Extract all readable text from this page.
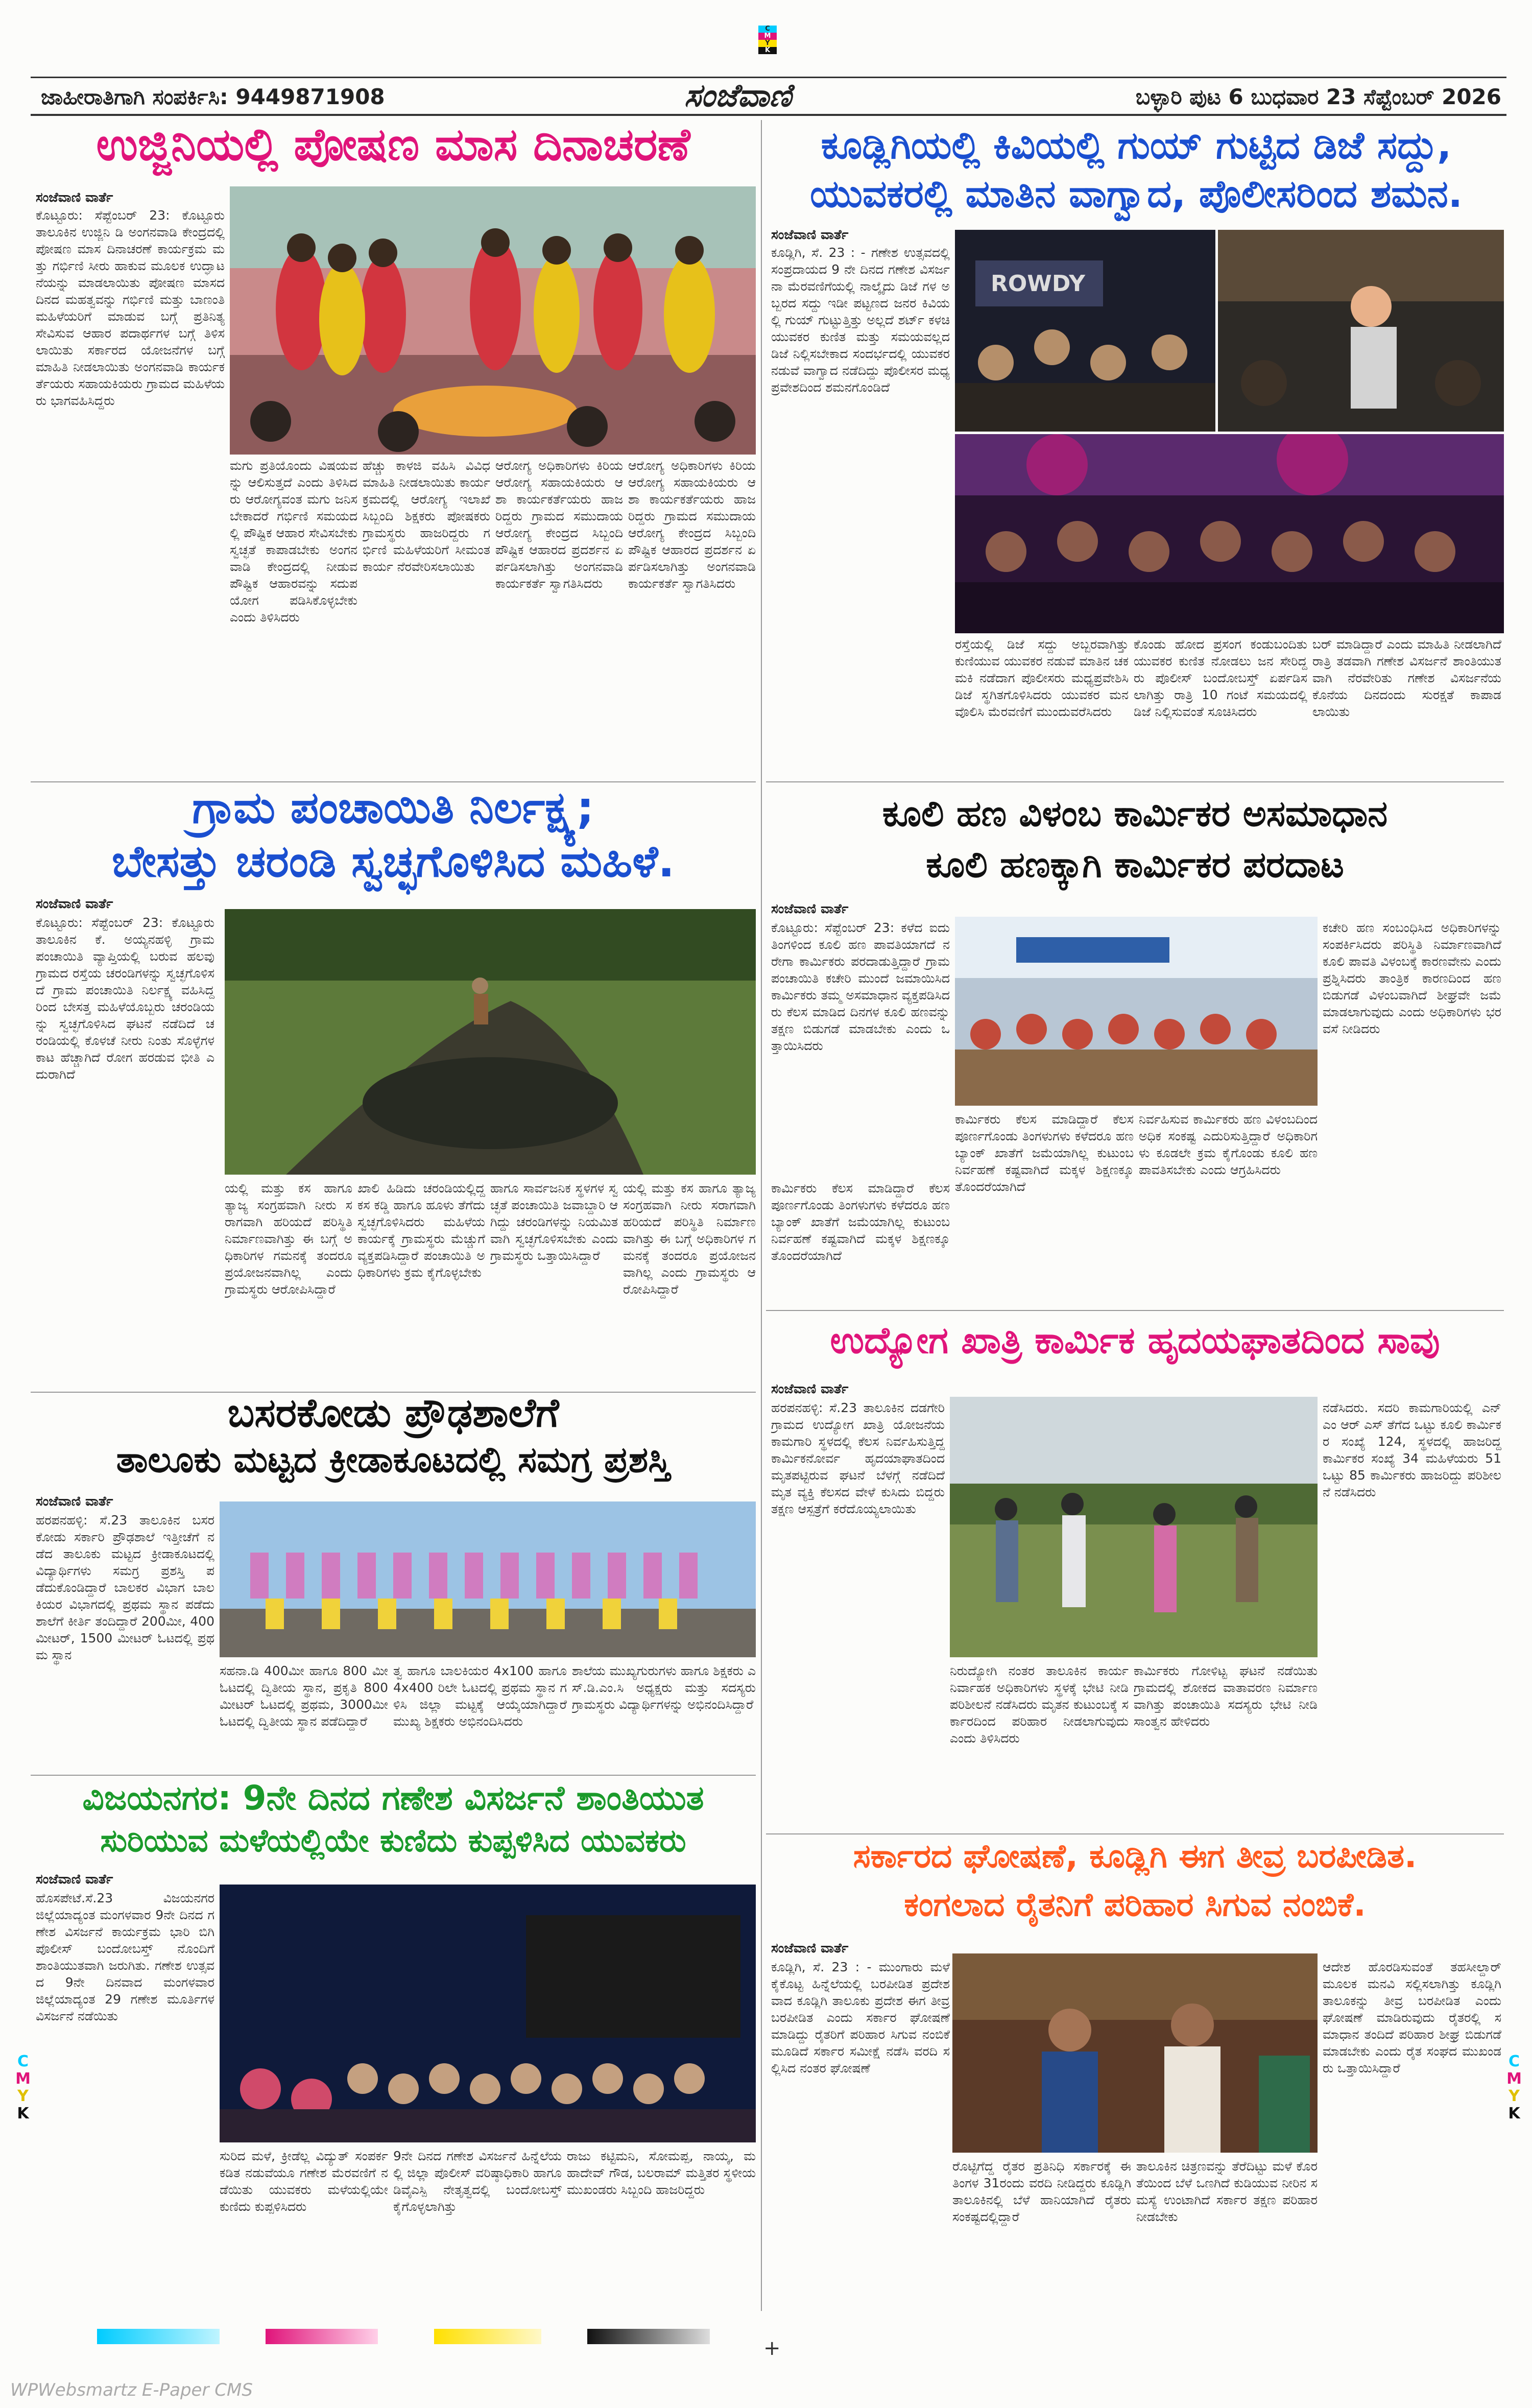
C
M
Y
K
ಜಾಹೀರಾತಿಗಾಗಿ ಸಂಪರ್ಕಿಸಿ: 9449871908	ಸಂಜೆವಾಣಿ	ಬಳ್ಳಾರಿ ಪುಟ 6 ಬುಧವಾರ 23 ಸೆಪ್ಟೆಂಬರ್ 2026
ಉಜ್ಜಿನಿಯಲ್ಲಿ ಪೋಷಣ ಮಾಸ ದಿನಾಚರಣೆ
ಸಂಜೆವಾಣಿ ವಾರ್ತೆ
ಕೊಟ್ಟೂರು: ಸೆಪ್ಟೆಂಬರ್ 23: ಕೊಟ್ಟೂರು ತಾಲೂಕಿನ ಉಜ್ಜಿನಿ ಡಿ ಅಂಗನವಾಡಿ ಕೇಂದ್ರದಲ್ಲಿ ಪೋಷಣ ಮಾಸ ದಿನಾಚರಣೆ ಕಾರ್ಯಕ್ರಮ ಮತ್ತು ಗರ್ಭಿಣಿ ಸೀರು ಹಾಕುವ ಮೂಲಕ ಉದ್ಘಾಟನೆಯನ್ನು ಮಾಡಲಾಯಿತು ಪೋಷಣ ಮಾಸದ ದಿನದ ಮಹತ್ವವನ್ನು ಗರ್ಭಿಣಿ ಮತ್ತು ಬಾಣಂತಿ ಮಹಿಳೆಯರಿಗೆ ಮಾಡುವ ಬಗ್ಗೆ ಪ್ರತಿನಿತ್ಯ ಸೇವಿಸುವ ಆಹಾರ ಪದಾರ್ಥಗಳ ಬಗ್ಗೆ ತಿಳಿಸಲಾಯಿತು ಸರ್ಕಾರದ ಯೋಜನೆಗಳ ಬಗ್ಗೆ ಮಾಹಿತಿ ನೀಡಲಾಯಿತು ಅಂಗನವಾಡಿ ಕಾರ್ಯಕರ್ತೆಯರು ಸಹಾಯಕಿಯರು ಗ್ರಾಮದ ಮಹಿಳೆಯರು ಭಾಗವಹಿಸಿದ್ದರು
ಮಗು ಪ್ರತಿಯೊಂದು ವಿಷಯವನ್ನು ಆಲಿಸುತ್ತದೆ ಎಂದು ತಿಳಿಸಿದರು ಆರೋಗ್ಯವಂತ ಮಗು ಜನಿಸಬೇಕಾದರೆ ಗರ್ಭಿಣಿ ಸಮಯದಲ್ಲಿ ಪೌಷ್ಟಿಕ ಆಹಾರ ಸೇವಿಸಬೇಕು ಸ್ವಚ್ಛತೆ ಕಾಪಾಡಬೇಕು ಅಂಗನವಾಡಿ ಕೇಂದ್ರದಲ್ಲಿ ನೀಡುವ ಪೌಷ್ಟಿಕ ಆಹಾರವನ್ನು ಸದುಪಯೋಗ ಪಡಿಸಿಕೊಳ್ಳಬೇಕು ಎಂದು ತಿಳಿಸಿದರು
ಹೆಚ್ಚು ಕಾಳಜಿ ವಹಿಸಿ ವಿವಿಧ ಮಾಹಿತಿ ನೀಡಲಾಯಿತು ಕಾರ್ಯಕ್ರಮದಲ್ಲಿ ಆರೋಗ್ಯ ಇಲಾಖೆ ಸಿಬ್ಬಂದಿ ಶಿಕ್ಷಕರು ಪೋಷಕರು ಗ್ರಾಮಸ್ಥರು ಹಾಜರಿದ್ದರು ಗರ್ಭಿಣಿ ಮಹಿಳೆಯರಿಗೆ ಸೀಮಂತ ಕಾರ್ಯ ನೆರವೇರಿಸಲಾಯಿತು
ಆರೋಗ್ಯ ಅಧಿಕಾರಿಗಳು ಕಿರಿಯ ಆರೋಗ್ಯ ಸಹಾಯಕಿಯರು ಆಶಾ ಕಾರ್ಯಕರ್ತೆಯರು ಹಾಜರಿದ್ದರು ಗ್ರಾಮದ ಸಮುದಾಯ ಆರೋಗ್ಯ ಕೇಂದ್ರದ ಸಿಬ್ಬಂದಿ ಪೌಷ್ಟಿಕ ಆಹಾರದ ಪ್ರದರ್ಶನ ಏರ್ಪಡಿಸಲಾಗಿತ್ತು ಅಂಗನವಾಡಿ ಕಾರ್ಯಕರ್ತೆ ಸ್ವಾಗತಿಸಿದರು
ಆರೋಗ್ಯ ಅಧಿಕಾರಿಗಳು ಕಿರಿಯ ಆರೋಗ್ಯ ಸಹಾಯಕಿಯರು ಆಶಾ ಕಾರ್ಯಕರ್ತೆಯರು ಹಾಜರಿದ್ದರು ಗ್ರಾಮದ ಸಮುದಾಯ ಆರೋಗ್ಯ ಕೇಂದ್ರದ ಸಿಬ್ಬಂದಿ ಪೌಷ್ಟಿಕ ಆಹಾರದ ಪ್ರದರ್ಶನ ಏರ್ಪಡಿಸಲಾಗಿತ್ತು ಅಂಗನವಾಡಿ ಕಾರ್ಯಕರ್ತೆ ಸ್ವಾಗತಿಸಿದರು
ಕೂಡ್ಲಿಗಿಯಲ್ಲಿ ಕಿವಿಯಲ್ಲಿ ಗುಯ್ ಗುಟ್ಟಿದ ಡಿಜೆ ಸದ್ದು,
ಯುವಕರಲ್ಲಿ ಮಾತಿನ ವಾಗ್ವಾದ, ಪೊಲೀಸರಿಂದ ಶಮನ.
ಸಂಜೆವಾಣಿ ವಾರ್ತೆ
ಕೂಡ್ಲಿಗಿ, ಸೆ. 23 : - ಗಣೇಶ ಉತ್ಸವದಲ್ಲಿ ಸಂಪ್ರದಾಯದ 9 ನೇ ದಿನದ ಗಣೇಶ ವಿಸರ್ಜನಾ ಮೆರವಣಿಗೆಯಲ್ಲಿ ನಾಲ್ಕೈದು ಡಿಜೆ ಗಳ ಅಬ್ಬರದ ಸದ್ದು ಇಡೀ ಪಟ್ಟಣದ ಜನರ ಕಿವಿಯಲ್ಲಿ ಗುಯ್ ಗುಟ್ಟುತ್ತಿತ್ತು ಅಲ್ಲದೆ ಶರ್ಟ್ ಕಳಚಿ ಯುವಕರ ಕುಣಿತ ಮತ್ತು ಸಮಯವಲ್ಲದ ಡಿಜೆ ನಿಲ್ಲಿಸಬೇಕಾದ ಸಂದರ್ಭದಲ್ಲಿ ಯುವಕರ ನಡುವೆ ವಾಗ್ವಾದ ನಡೆದಿದ್ದು ಪೊಲೀಸರ ಮಧ್ಯಪ್ರವೇಶದಿಂದ ಶಮನಗೊಂಡಿದೆ
ROWDY
ರಸ್ತೆಯಲ್ಲಿ ಡಿಜೆ ಸದ್ದು ಅಬ್ಬರವಾಗಿತ್ತು ಕುಣಿಯುವ ಯುವಕರ ನಡುವೆ ಮಾತಿನ ಚಕಮಕಿ ನಡೆದಾಗ ಪೊಲೀಸರು ಮಧ್ಯಪ್ರವೇಶಿಸಿ ಡಿಜೆ ಸ್ಥಗಿತಗೊಳಿಸಿದರು ಯುವಕರ ಮನವೊಲಿಸಿ ಮೆರವಣಿಗೆ ಮುಂದುವರೆಸಿದರು
ಕೊಂಡು ಹೋದ ಪ್ರಸಂಗ ಕಂಡುಬಂದಿತು ಯುವಕರ ಕುಣಿತ ನೋಡಲು ಜನ ಸೇರಿದ್ದರು ಪೊಲೀಸ್ ಬಂದೋಬಸ್ತ್ ಏರ್ಪಡಿಸಲಾಗಿತ್ತು ರಾತ್ರಿ 10 ಗಂಟೆ ಸಮಯದಲ್ಲಿ ಡಿಜೆ ನಿಲ್ಲಿಸುವಂತೆ ಸೂಚಿಸಿದರು
ಬರ್ ಮಾಡಿದ್ದಾರೆ ಎಂದು ಮಾಹಿತಿ ನೀಡಲಾಗಿದೆ ರಾತ್ರಿ ತಡವಾಗಿ ಗಣೇಶ ವಿಸರ್ಜನೆ ಶಾಂತಿಯುತವಾಗಿ ನೆರವೇರಿತು ಗಣೇಶ ವಿಸರ್ಜನೆಯ ಕೊನೆಯ ದಿನದಂದು ಸುರಕ್ಷತೆ ಕಾಪಾಡಲಾಯಿತು
ಗ್ರಾಮ ಪಂಚಾಯಿತಿ ನಿರ್ಲಕ್ಷ್ಯ;
ಬೇಸತ್ತು ಚರಂಡಿ ಸ್ವಚ್ಛಗೊಳಿಸಿದ ಮಹಿಳೆ.
ಸಂಜೆವಾಣಿ ವಾರ್ತೆ
ಕೊಟ್ಟೂರು: ಸೆಪ್ಟೆಂಬರ್ 23: ಕೊಟ್ಟೂರು ತಾಲೂಕಿನ ಕೆ. ಅಯ್ಯನಹಳ್ಳಿ ಗ್ರಾಮ ಪಂಚಾಯಿತಿ ವ್ಯಾಪ್ತಿಯಲ್ಲಿ ಬರುವ ಹಲವು ಗ್ರಾಮದ ರಸ್ತೆಯ ಚರಂಡಿಗಳನ್ನು ಸ್ವಚ್ಛಗೊಳಿಸದೆ ಗ್ರಾಮ ಪಂಚಾಯಿತಿ ನಿರ್ಲಕ್ಷ್ಯ ವಹಿಸಿದ್ದರಿಂದ ಬೇಸತ್ತ ಮಹಿಳೆಯೊಬ್ಬರು ಚರಂಡಿಯನ್ನು ಸ್ವಚ್ಛಗೊಳಿಸಿದ ಘಟನೆ ನಡೆದಿದೆ ಚರಂಡಿಯಲ್ಲಿ ಕೊಳಚೆ ನೀರು ನಿಂತು ಸೊಳ್ಳೆಗಳ ಕಾಟ ಹೆಚ್ಚಾಗಿದೆ ರೋಗ ಹರಡುವ ಭೀತಿ ಎದುರಾಗಿದೆ
ಯಲ್ಲಿ ಮತ್ತು ಕಸ ಹಾಗೂ ತ್ಯಾಜ್ಯ ಸಂಗ್ರಹವಾಗಿ ನೀರು ಸರಾಗವಾಗಿ ಹರಿಯದೆ ಪರಿಸ್ಥಿತಿ ನಿರ್ಮಾಣವಾಗಿತ್ತು ಈ ಬಗ್ಗೆ ಅಧಿಕಾರಿಗಳ ಗಮನಕ್ಕೆ ತಂದರೂ ಪ್ರಯೋಜನವಾಗಿಲ್ಲ ಎಂದು ಗ್ರಾಮಸ್ಥರು ಆರೋಪಿಸಿದ್ದಾರೆ
ಖಾಲಿ ಹಿಡಿದು ಚರಂಡಿಯಲ್ಲಿದ್ದ ಕಸ ಕಡ್ಡಿ ಹಾಗೂ ಹೂಳು ತೆಗೆದು ಸ್ವಚ್ಛಗೊಳಿಸಿದರು ಮಹಿಳೆಯ ಕಾರ್ಯಕ್ಕೆ ಗ್ರಾಮಸ್ಥರು ಮೆಚ್ಚುಗೆ ವ್ಯಕ್ತಪಡಿಸಿದ್ದಾರೆ ಪಂಚಾಯಿತಿ ಅಧಿಕಾರಿಗಳು ಕ್ರಮ ಕೈಗೊಳ್ಳಬೇಕು
ಹಾಗೂ ಸಾರ್ವಜನಿಕ ಸ್ಥಳಗಳ ಸ್ವಚ್ಛತೆ ಪಂಚಾಯಿತಿ ಜವಾಬ್ದಾರಿ ಆಗಿದ್ದು ಚರಂಡಿಗಳನ್ನು ನಿಯಮಿತವಾಗಿ ಸ್ವಚ್ಛಗೊಳಿಸಬೇಕು ಎಂದು ಗ್ರಾಮಸ್ಥರು ಒತ್ತಾಯಿಸಿದ್ದಾರೆ
ಯಲ್ಲಿ ಮತ್ತು ಕಸ ಹಾಗೂ ತ್ಯಾಜ್ಯ ಸಂಗ್ರಹವಾಗಿ ನೀರು ಸರಾಗವಾಗಿ ಹರಿಯದೆ ಪರಿಸ್ಥಿತಿ ನಿರ್ಮಾಣವಾಗಿತ್ತು ಈ ಬಗ್ಗೆ ಅಧಿಕಾರಿಗಳ ಗಮನಕ್ಕೆ ತಂದರೂ ಪ್ರಯೋಜನವಾಗಿಲ್ಲ ಎಂದು ಗ್ರಾಮಸ್ಥರು ಆರೋಪಿಸಿದ್ದಾರೆ
ಕೂಲಿ ಹಣ ವಿಳಂಬ ಕಾರ್ಮಿಕರ ಅಸಮಾಧಾನ
ಕೂಲಿ ಹಣಕ್ಕಾಗಿ ಕಾರ್ಮಿಕರ ಪರದಾಟ
ಸಂಜೆವಾಣಿ ವಾರ್ತೆ
ಕೊಟ್ಟೂರು: ಸೆಪ್ಟೆಂಬರ್ 23: ಕಳೆದ ಐದು ತಿಂಗಳಿಂದ ಕೂಲಿ ಹಣ ಪಾವತಿಯಾಗದೆ ನರೇಗಾ ಕಾರ್ಮಿಕರು ಪರದಾಡುತ್ತಿದ್ದಾರೆ ಗ್ರಾಮ ಪಂಚಾಯಿತಿ ಕಚೇರಿ ಮುಂದೆ ಜಮಾಯಿಸಿದ ಕಾರ್ಮಿಕರು ತಮ್ಮ ಅಸಮಾಧಾನ ವ್ಯಕ್ತಪಡಿಸಿದರು ಕೆಲಸ ಮಾಡಿದ ದಿನಗಳ ಕೂಲಿ ಹಣವನ್ನು ತಕ್ಷಣ ಬಿಡುಗಡೆ ಮಾಡಬೇಕು ಎಂದು ಒತ್ತಾಯಿಸಿದರು
ಕಚೇರಿ ಹಣ ಸಂಬಂಧಿಸಿದ ಅಧಿಕಾರಿಗಳನ್ನು ಸಂಪರ್ಕಿಸಿದರು ಪರಿಸ್ಥಿತಿ ನಿರ್ಮಾಣವಾಗಿದೆ ಕೂಲಿ ಪಾವತಿ ವಿಳಂಬಕ್ಕೆ ಕಾರಣವೇನು ಎಂದು ಪ್ರಶ್ನಿಸಿದರು ತಾಂತ್ರಿಕ ಕಾರಣದಿಂದ ಹಣ ಬಿಡುಗಡೆ ವಿಳಂಬವಾಗಿದೆ ಶೀಘ್ರವೇ ಜಮೆ ಮಾಡಲಾಗುವುದು ಎಂದು ಅಧಿಕಾರಿಗಳು ಭರವಸೆ ನೀಡಿದರು
ಕಾರ್ಮಿಕರು ಕೆಲಸ ಮಾಡಿದ್ದಾರೆ ಕೆಲಸ ಪೂರ್ಣಗೊಂಡು ತಿಂಗಳುಗಳು ಕಳೆದರೂ ಹಣ ಬ್ಯಾಂಕ್ ಖಾತೆಗೆ ಜಮೆಯಾಗಿಲ್ಲ ಕುಟುಂಬ ನಿರ್ವಹಣೆ ಕಷ್ಟವಾಗಿದೆ ಮಕ್ಕಳ ಶಿಕ್ಷಣಕ್ಕೂ ತೊಂದರೆಯಾಗಿದೆ
ಕಾರ್ಮಿಕರು ಕೆಲಸ ಮಾಡಿದ್ದಾರೆ ಕೆಲಸ ಪೂರ್ಣಗೊಂಡು ತಿಂಗಳುಗಳು ಕಳೆದರೂ ಹಣ ಬ್ಯಾಂಕ್ ಖಾತೆಗೆ ಜಮೆಯಾಗಿಲ್ಲ ಕುಟುಂಬ ನಿರ್ವಹಣೆ ಕಷ್ಟವಾಗಿದೆ ಮಕ್ಕಳ ಶಿಕ್ಷಣಕ್ಕೂ ತೊಂದರೆಯಾಗಿದೆ
ನಿರ್ವಹಿಸುವ ಕಾರ್ಮಿಕರು ಹಣ ವಿಳಂಬದಿಂದ ಅಧಿಕ ಸಂಕಷ್ಟ ಎದುರಿಸುತ್ತಿದ್ದಾರೆ ಅಧಿಕಾರಿಗಳು ಕೂಡಲೇ ಕ್ರಮ ಕೈಗೊಂಡು ಕೂಲಿ ಹಣ ಪಾವತಿಸಬೇಕು ಎಂದು ಆಗ್ರಹಿಸಿದರು
ಉದ್ಯೋಗ ಖಾತ್ರಿ ಕಾರ್ಮಿಕ ಹೃದಯಘಾತದಿಂದ ಸಾವು
ಸಂಜೆವಾಣಿ ವಾರ್ತೆ
ಹರಪನಹಳ್ಳಿ: ಸೆ.23 ತಾಲೂಕಿನ ದಡಗೇರಿ ಗ್ರಾಮದ ಉದ್ಯೋಗ ಖಾತ್ರಿ ಯೋಜನೆಯ ಕಾಮಗಾರಿ ಸ್ಥಳದಲ್ಲಿ ಕೆಲಸ ನಿರ್ವಹಿಸುತ್ತಿದ್ದ ಕಾರ್ಮಿಕನೋರ್ವ ಹೃದಯಾಘಾತದಿಂದ ಮೃತಪಟ್ಟಿರುವ ಘಟನೆ ಬೆಳಗ್ಗೆ ನಡೆದಿದೆ ಮೃತ ವ್ಯಕ್ತಿ ಕೆಲಸದ ವೇಳೆ ಕುಸಿದು ಬಿದ್ದರು ತಕ್ಷಣ ಆಸ್ಪತ್ರೆಗೆ ಕರೆದೊಯ್ಯಲಾಯಿತು
ನಡೆಸಿದರು. ಸದರಿ ಕಾಮಗಾರಿಯಲ್ಲಿ ಎನ್ ಎಂ ಆರ್ ಎಸ್ ತೆಗೆದ ಒಟ್ಟು ಕೂಲಿ ಕಾರ್ಮಿಕರ ಸಂಖ್ಯೆ 124, ಸ್ಥಳದಲ್ಲಿ ಹಾಜರಿದ್ದ ಕಾರ್ಮಿಕರ ಸಂಖ್ಯೆ 34 ಮಹಿಳೆಯರು 51 ಒಟ್ಟು 85 ಕಾರ್ಮಿಕರು ಹಾಜರಿದ್ದು ಪರಿಶೀಲನೆ ನಡೆಸಿದರು
ನಿರುದ್ಯೋಗಿ ನಂತರ ತಾಲೂಕಿನ ಕಾರ್ಯ ನಿರ್ವಾಹಕ ಅಧಿಕಾರಿಗಳು ಸ್ಥಳಕ್ಕೆ ಭೇಟಿ ನೀಡಿ ಪರಿಶೀಲನೆ ನಡೆಸಿದರು ಮೃತನ ಕುಟುಂಬಕ್ಕೆ ಸರ್ಕಾರದಿಂದ ಪರಿಹಾರ ನೀಡಲಾಗುವುದು ಎಂದು ತಿಳಿಸಿದರು
ಕಾರ್ಮಿಕರು ಗೋಳಿಟ್ಟ ಘಟನೆ ನಡೆಯಿತು ಗ್ರಾಮದಲ್ಲಿ ಶೋಕದ ವಾತಾವರಣ ನಿರ್ಮಾಣವಾಗಿತ್ತು ಪಂಚಾಯಿತಿ ಸದಸ್ಯರು ಭೇಟಿ ನೀಡಿ ಸಾಂತ್ವನ ಹೇಳಿದರು
ಬಸರಕೋಡು ಪ್ರೌಢಶಾಲೆಗೆ
ತಾಲೂಕು ಮಟ್ಟದ ಕ್ರೀಡಾಕೂಟದಲ್ಲಿ ಸಮಗ್ರ ಪ್ರಶಸ್ತಿ
ಸಂಜೆವಾಣಿ ವಾರ್ತೆ
ಹರಪನಹಳ್ಳಿ: ಸೆ.23 ತಾಲೂಕಿನ ಬಸರಕೋಡು ಸರ್ಕಾರಿ ಪ್ರೌಢಶಾಲೆ ಇತ್ತೀಚೆಗೆ ನಡೆದ ತಾಲೂಕು ಮಟ್ಟದ ಕ್ರೀಡಾಕೂಟದಲ್ಲಿ ವಿದ್ಯಾರ್ಥಿಗಳು ಸಮಗ್ರ ಪ್ರಶಸ್ತಿ ಪಡೆದುಕೊಂಡಿದ್ದಾರೆ ಬಾಲಕರ ವಿಭಾಗ ಬಾಲಕಿಯರ ವಿಭಾಗದಲ್ಲಿ ಪ್ರಥಮ ಸ್ಥಾನ ಪಡೆದು ಶಾಲೆಗೆ ಕೀರ್ತಿ ತಂದಿದ್ದಾರೆ 200ಮೀ, 400 ಮೀಟರ್, 1500 ಮೀಟರ್ ಓಟದಲ್ಲಿ ಪ್ರಥಮ ಸ್ಥಾನ
ಸಹನಾ.ಡಿ 400ಮೀ ಹಾಗೂ 800 ಮೀ ಓಟದಲ್ಲಿ ದ್ವಿತೀಯ ಸ್ಥಾನ, ಪ್ರಕೃತಿ 800 ಮೀಟರ್ ಓಟದಲ್ಲಿ ಪ್ರಥಮ, 3000ಮೀ ಓಟದಲ್ಲಿ ದ್ವಿತೀಯ ಸ್ಥಾನ ಪಡೆದಿದ್ದಾರೆ
ತ್ವ ಹಾಗೂ ಬಾಲಕಿಯರ 4x100 ಹಾಗೂ 4x400 ರಿಲೇ ಓಟದಲ್ಲಿ ಪ್ರಥಮ ಸ್ಥಾನ ಗಳಿಸಿ ಜಿಲ್ಲಾ ಮಟ್ಟಕ್ಕೆ ಆಯ್ಕೆಯಾಗಿದ್ದಾರೆ ಮುಖ್ಯ ಶಿಕ್ಷಕರು ಅಭಿನಂದಿಸಿದರು
ಶಾಲೆಯ ಮುಖ್ಯಗುರುಗಳು ಹಾಗೂ ಶಿಕ್ಷಕರು ಎಸ್.ಡಿ.ಎಂ.ಸಿ ಅಧ್ಯಕ್ಷರು ಮತ್ತು ಸದಸ್ಯರು ಗ್ರಾಮಸ್ಥರು ವಿದ್ಯಾರ್ಥಿಗಳನ್ನು ಅಭಿನಂದಿಸಿದ್ದಾರೆ
ವಿಜಯನಗರ: 9ನೇ ದಿನದ ಗಣೇಶ ವಿಸರ್ಜನೆ ಶಾಂತಿಯುತ
ಸುರಿಯುವ ಮಳೆಯಲ್ಲಿಯೇ ಕುಣಿದು ಕುಪ್ಪಳಿಸಿದ ಯುವಕರು
ಸಂಜೆವಾಣಿ ವಾರ್ತೆ
ಹೊಸಪೇಟೆ.ಸೆ.23 ವಿಜಯನಗರ ಜಿಲ್ಲೆಯಾದ್ಯಂತ ಮಂಗಳವಾರ 9ನೇ ದಿನದ ಗಣೇಶ ವಿಸರ್ಜನೆ ಕಾರ್ಯಕ್ರಮ ಭಾರಿ ಬಿಗಿ ಪೊಲೀಸ್ ಬಂದೋಬಸ್ತ್ ನೊಂದಿಗೆ ಶಾಂತಿಯುತವಾಗಿ ಜರುಗಿತು. ಗಣೇಶ ಉತ್ಸವದ 9ನೇ ದಿನವಾದ ಮಂಗಳವಾರ ಜಿಲ್ಲೆಯಾದ್ಯಂತ 29 ಗಣೇಶ ಮೂರ್ತಿಗಳ ವಿಸರ್ಜನೆ ನಡೆಯಿತು
ಸುರಿದ ಮಳೆ, ಕ್ರೀಡೆಲ್ಲ ವಿದ್ಯುತ್ ಸಂಪರ್ಕ ಕಡಿತ ನಡುವೆಯೂ ಗಣೇಶ ಮೆರವಣಿಗೆ ನಡೆಯಿತು ಯುವಕರು ಮಳೆಯಲ್ಲಿಯೇ ಕುಣಿದು ಕುಪ್ಪಳಿಸಿದರು
9ನೇ ದಿನದ ಗಣೇಶ ವಿಸರ್ಜನೆ ಹಿನ್ನೆಲೆಯಲ್ಲಿ ಜಿಲ್ಲಾ ಪೊಲೀಸ್ ವರಿಷ್ಠಾಧಿಕಾರಿ ಹಾಗೂ ಡಿವೈಎಸ್ಪಿ ನೇತೃತ್ವದಲ್ಲಿ ಬಂದೋಬಸ್ತ್ ಕೈಗೊಳ್ಳಲಾಗಿತ್ತು
ರಾಜು ಕಟ್ಟಿಮನಿ, ಸೋಮಪ್ಪ, ನಾಯ್ಕ, ಮಹಾದೇವ್ ಗೌಡ, ಬಲರಾಮ್ ಮತ್ತಿತರ ಸ್ಥಳೀಯ ಮುಖಂಡರು ಸಿಬ್ಬಂದಿ ಹಾಜರಿದ್ದರು
ಸರ್ಕಾರದ ಘೋಷಣೆ, ಕೂಡ್ಲಿಗಿ ಈಗ ತೀವ್ರ ಬರಪೀಡಿತ.
ಕಂಗಲಾದ ರೈತನಿಗೆ ಪರಿಹಾರ ಸಿಗುವ ನಂಬಿಕೆ.
ಸಂಜೆವಾಣಿ ವಾರ್ತೆ
ಕೂಡ್ಲಿಗಿ, ಸೆ. 23 : - ಮುಂಗಾರು ಮಳೆ ಕೈಕೊಟ್ಟ ಹಿನ್ನೆಲೆಯಲ್ಲಿ ಬರಪೀಡಿತ ಪ್ರದೇಶವಾದ ಕೂಡ್ಲಿಗಿ ತಾಲೂಕು ಪ್ರದೇಶ ಈಗ ತೀವ್ರ ಬರಪೀಡಿತ ಎಂದು ಸರ್ಕಾರ ಘೋಷಣೆ ಮಾಡಿದ್ದು ರೈತರಿಗೆ ಪರಿಹಾರ ಸಿಗುವ ನಂಬಿಕೆ ಮೂಡಿದೆ ಸರ್ಕಾರ ಸಮೀಕ್ಷೆ ನಡೆಸಿ ವರದಿ ಸಲ್ಲಿಸಿದ ನಂತರ ಘೋಷಣೆ
ರೊಟ್ಟಿಗೆದ್ದ ರೈತರ ಪ್ರತಿನಿಧಿ ಸರ್ಕಾರಕ್ಕೆ ಈ ತಿಂಗಳ 31ರಂದು ವರದಿ ನೀಡಿದ್ದರು ಕೂಡ್ಲಿಗಿ ತಾಲೂಕಿನಲ್ಲಿ ಬೆಳೆ ಹಾನಿಯಾಗಿದೆ ರೈತರು ಸಂಕಷ್ಟದಲ್ಲಿದ್ದಾರೆ
ತಾಲೂಕಿನ ಚಿತ್ರಣವನ್ನು ತೆರೆದಿಟ್ಟು ಮಳೆ ಕೊರತೆಯಿಂದ ಬೆಳೆ ಒಣಗಿದೆ ಕುಡಿಯುವ ನೀರಿನ ಸಮಸ್ಯೆ ಉಂಟಾಗಿದೆ ಸರ್ಕಾರ ತಕ್ಷಣ ಪರಿಹಾರ ನೀಡಬೇಕು
ಆದೇಶ ಹೊರಡಿಸುವಂತೆ ತಹಸೀಲ್ದಾರ್ ಮೂಲಕ ಮನವಿ ಸಲ್ಲಿಸಲಾಗಿತ್ತು ಕೂಡ್ಲಿಗಿ ತಾಲೂಕನ್ನು ತೀವ್ರ ಬರಪೀಡಿತ ಎಂದು ಘೋಷಣೆ ಮಾಡಿರುವುದು ರೈತರಲ್ಲಿ ಸಮಾಧಾನ ತಂದಿದೆ ಪರಿಹಾರ ಶೀಘ್ರ ಬಿಡುಗಡೆ ಮಾಡಬೇಕು ಎಂದು ರೈತ ಸಂಘದ ಮುಖಂಡರು ಒತ್ತಾಯಿಸಿದ್ದಾರೆ
C
M
Y
K
C
M
Y
K
+
WPWebsmartz E-Paper CMS
